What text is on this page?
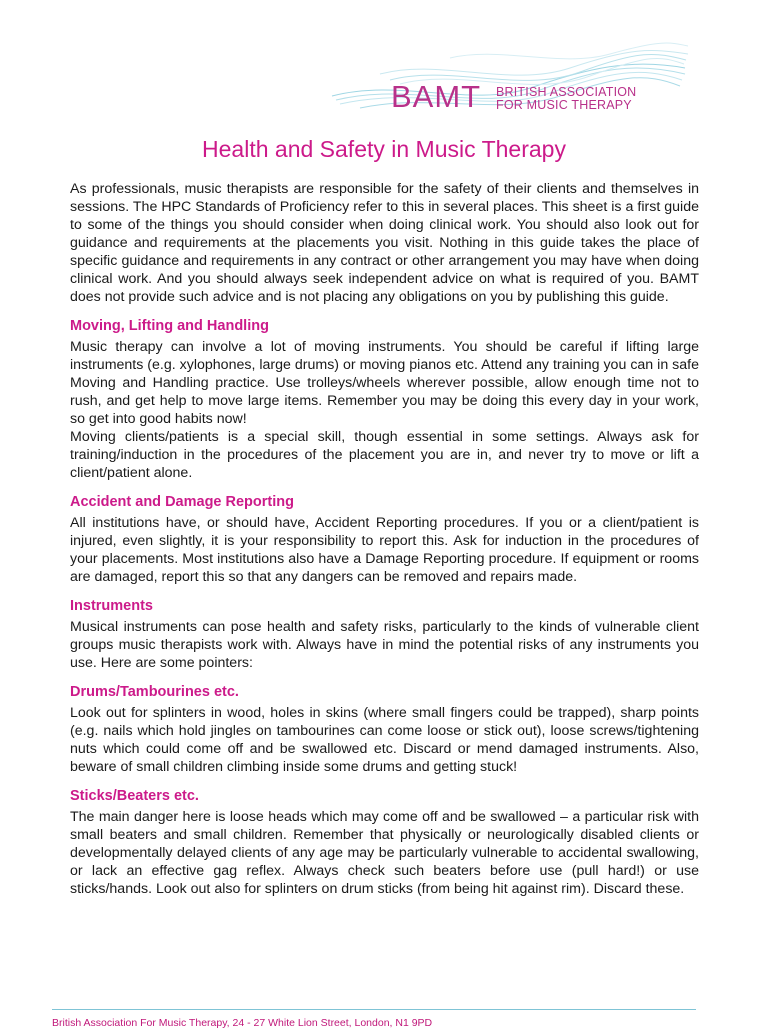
BAMT BRITISH ASSOCIATION
FOR MUSIC THERAPY
Health and Safety in Music Therapy

As professionals, music therapists are responsible for the safety of their clients and themselves in sessions. The HPC Standards of Proficiency refer to this in several places. This sheet is a first guide to some of the things you should consider when doing clinical work. You should also look out for guidance and requirements at the placements you visit. Nothing in this guide takes the place of specific guidance and requirements in any contract or other arrangement you may have when doing clinical work. And you should always seek independent advice on what is required of you. BAMT does not provide such advice and is not placing any obligations on you by publishing this guide.

Moving, Lifting and Handling

Music therapy can involve a lot of moving instruments. You should be careful if lifting large instruments (e.g. xylophones, large drums) or moving pianos etc. Attend any training you can in safe Moving and Handling practice. Use trolleys/wheels wherever possible, allow enough time not to rush, and get help to move large items. Remember you may be doing this every day in your work, so get into good habits now!

Moving clients/patients is a special skill, though essential in some settings. Always ask for training/induction in the procedures of the placement you are in, and never try to move or lift a client/patient alone.

Accident and Damage Reporting

All institutions have, or should have, Accident Reporting procedures. If you or a client/patient is injured, even slightly, it is your responsibility to report this. Ask for induction in the procedures of your placements. Most institutions also have a Damage Reporting procedure. If equipment or rooms are damaged, report this so that any dangers can be removed and repairs made.

Instruments

Musical instruments can pose health and safety risks, particularly to the kinds of vulnerable client groups music therapists work with. Always have in mind the potential risks of any instruments you use. Here are some pointers:

Drums/Tambourines etc.

Look out for splinters in wood, holes in skins (where small fingers could be trapped), sharp points (e.g. nails which hold jingles on tambourines can come loose or stick out), loose screws/tightening nuts which could come off and be swallowed etc. Discard or mend damaged instruments. Also, beware of small children climbing inside some drums and getting stuck!

Sticks/Beaters etc.

The main danger here is loose heads which may come off and be swallowed – a particular risk with small beaters and small children. Remember that physically or neurologically disabled clients or developmentally delayed clients of any age may be particularly vulnerable to accidental swallowing, or lack an effective gag reflex. Always check such beaters before use (pull hard!) or use sticks/hands. Look out also for splinters on drum sticks (from being hit against rim). Discard these.

British Association For Music Therapy, 24 - 27 White Lion Street, London, N1 9PD
